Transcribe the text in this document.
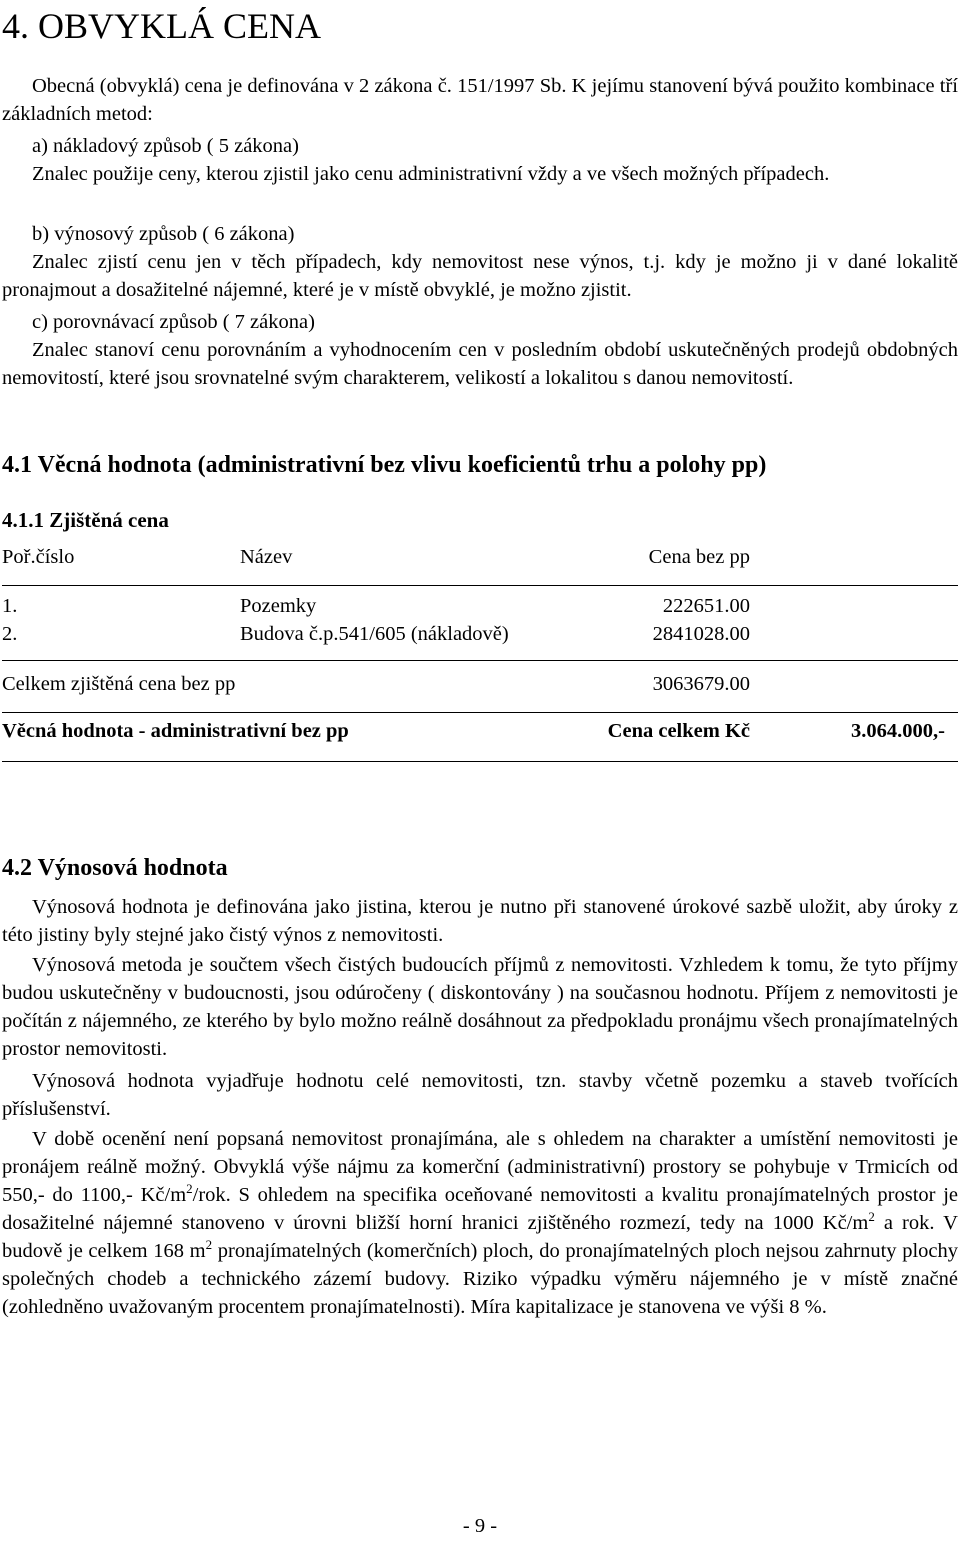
4. OBVYKLÁ CENA

Obecná (obvyklá) cena je definována v 2 zákona č. 151/1997 Sb. K jejímu stanovení bývá použito kombinace tří základních metod:

a) nákladový způsob ( 5 zákona)

Znalec použije ceny, kterou zjistil jako cenu administrativní vždy a ve všech možných případech.

b) výnosový způsob ( 6 zákona)

Znalec zjistí cenu jen v těch případech, kdy nemovitost nese výnos, t.j. kdy je možno ji v dané lokalitě pronajmout a dosažitelné nájemné, které je v místě obvyklé, je možno zjistit.

c) porovnávací způsob ( 7 zákona)

Znalec stanoví cenu porovnáním a vyhodnocením cen v posledním období uskutečněných prodejů obdobných nemovitostí, které jsou srovnatelné svým charakterem, velikostí a lokalitou s danou nemovitostí.

4.1 Věcná hodnota (administrativní bez vlivu koeficientů trhu a polohy pp)
4.1.1 Zjištěná cena
Poř.číslo	Název	Cena bez pp
1.	Pozemky	222651.00
2.	Budova č.p.541/605 (nákladově)	2841028.00
Celkem zjištěná cena bez pp	3063679.00
Věcná hodnota - administrativní bez pp	Cena celkem Kč	3.064.000,-
4.2 Výnosová hodnota

Výnosová hodnota je definována jako jistina, kterou je nutno při stanovené úrokové sazbě uložit, aby úroky z této jistiny byly stejné jako čistý výnos z nemovitosti.

Výnosová metoda je součtem všech čistých budoucích příjmů z nemovitosti. Vzhledem k tomu, že tyto příjmy budou uskutečněny v budoucnosti, jsou odúročeny ( diskontovány ) na současnou hodnotu. Příjem z nemovitosti je počítán z nájemného, ze kterého by bylo možno reálně dosáhnout za předpokladu pronájmu všech pronajímatelných prostor nemovitosti.

Výnosová hodnota vyjadřuje hodnotu celé nemovitosti, tzn. stavby včetně pozemku a staveb tvořících příslušenství.

V době ocenění není popsaná nemovitost pronajímána, ale s ohledem na charakter a umístění nemovitosti je pronájem reálně možný. Obvyklá výše nájmu za komerční (administrativní) prostory se pohybuje v Trmicích od 550,- do 1100,- $Kč/m^2$/rok. S ohledem na specifika oceňované nemovitosti a kvalitu pronajímatelných prostor je dosažitelné nájemné stanoveno v úrovni bližší horní hranici zjištěného rozmezí, tedy na 1000 $Kč/m^2$ a rok. V budově je celkem 168 $m^2$ pronajímatelných (komerčních) ploch, do pronajímatelných ploch nejsou zahrnuty plochy společných chodeb a technického zázemí budovy. Riziko výpadku výměru nájemného je v místě značné (zohledněno uvažovaným procentem pronajímatelnosti). Míra kapitalizace je stanovena ve výši 8 %.

- 9 -
